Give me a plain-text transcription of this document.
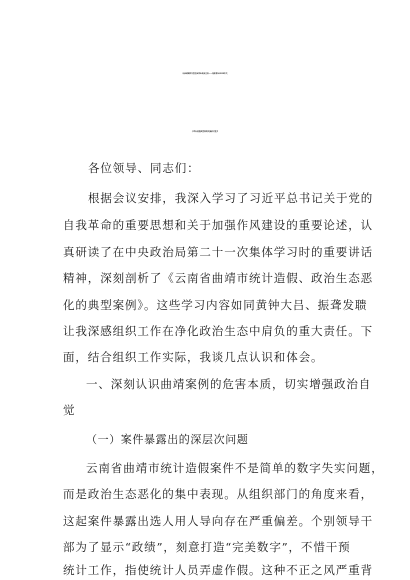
以曲靖案例为鉴全面净化政治生态——组织部长2025年关
于统计造假典型案例交流研讨发言
各位领导、同志们：
根据会议安排，我深入学习了习近平总书记关于党的
自我革命的重要思想和关于加强作风建设的重要论述，认
真研读了在中央政治局第二十一次集体学习时的重要讲话
精神，深刻剖析了《云南省曲靖市统计造假、政治生态恶
化的典型案例》。这些学习内容如同黄钟大吕、振聋发聩
让我深感组织工作在净化政治生态中肩负的重大责任。下
面，结合组织工作实际，我谈几点认识和体会。
一、深刻认识曲靖案例的危害本质，切实增强政治自
觉
（一）案件暴露出的深层次问题
云南省曲靖市统计造假案件不是简单的数字失实问题，
而是政治生态恶化的集中表现。从组织部门的角度来看，
这起案件暴露出选人用人导向存在严重偏差。个别领导干
部为了显示“政绩”，刻意打造“完美数字”，不惜干预
统计工作，指使统计人员弄虚作假。这种不正之风严重背
